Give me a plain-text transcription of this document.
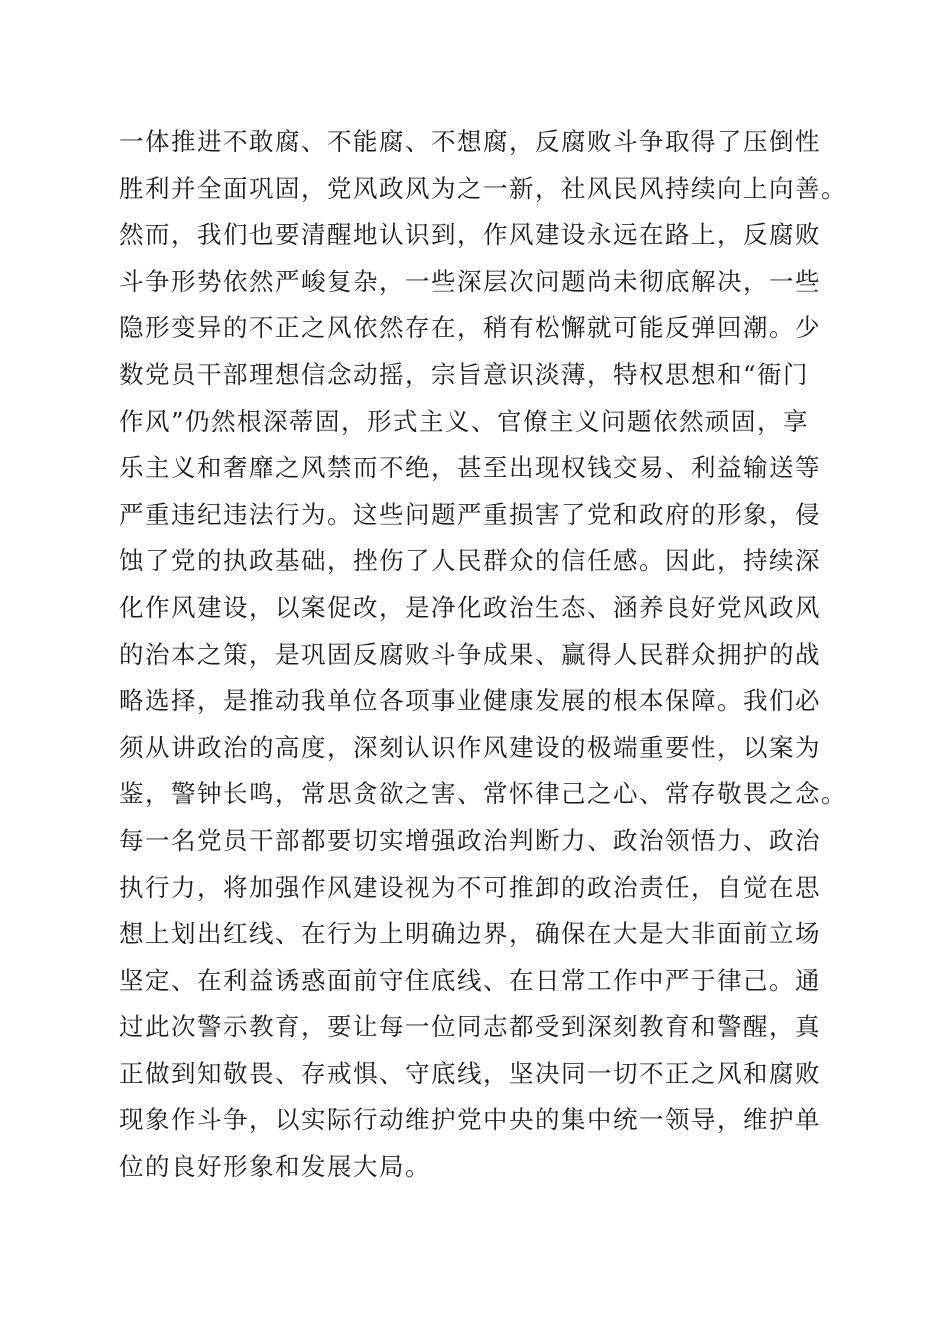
一体推进不敢腐、不能腐、不想腐，反腐败斗争取得了压倒性
胜利并全面巩固，党风政风为之一新，社风民风持续向上向善。
然而，我们也要清醒地认识到，作风建设永远在路上，反腐败
斗争形势依然严峻复杂，一些深层次问题尚未彻底解决，一些
隐形变异的不正之风依然存在，稍有松懈就可能反弹回潮。少
数党员干部理想信念动摇，宗旨意识淡薄，特权思想和“衙门
作风”仍然根深蒂固，形式主义、官僚主义问题依然顽固，享
乐主义和奢靡之风禁而不绝，甚至出现权钱交易、利益输送等
严重违纪违法行为。这些问题严重损害了党和政府的形象，侵
蚀了党的执政基础，挫伤了人民群众的信任感。因此，持续深
化作风建设，以案促改，是净化政治生态、涵养良好党风政风
的治本之策，是巩固反腐败斗争成果、赢得人民群众拥护的战
略选择，是推动我单位各项事业健康发展的根本保障。我们必
须从讲政治的高度，深刻认识作风建设的极端重要性，以案为
鉴，警钟长鸣，常思贪欲之害、常怀律己之心、常存敬畏之念。
每一名党员干部都要切实增强政治判断力、政治领悟力、政治
执行力，将加强作风建设视为不可推卸的政治责任，自觉在思
想上划出红线、在行为上明确边界，确保在大是大非面前立场
坚定、在利益诱惑面前守住底线、在日常工作中严于律己。通
过此次警示教育，要让每一位同志都受到深刻教育和警醒，真
正做到知敬畏、存戒惧、守底线，坚决同一切不正之风和腐败
现象作斗争，以实际行动维护党中央的集中统一领导，维护单
位的良好形象和发展大局。
